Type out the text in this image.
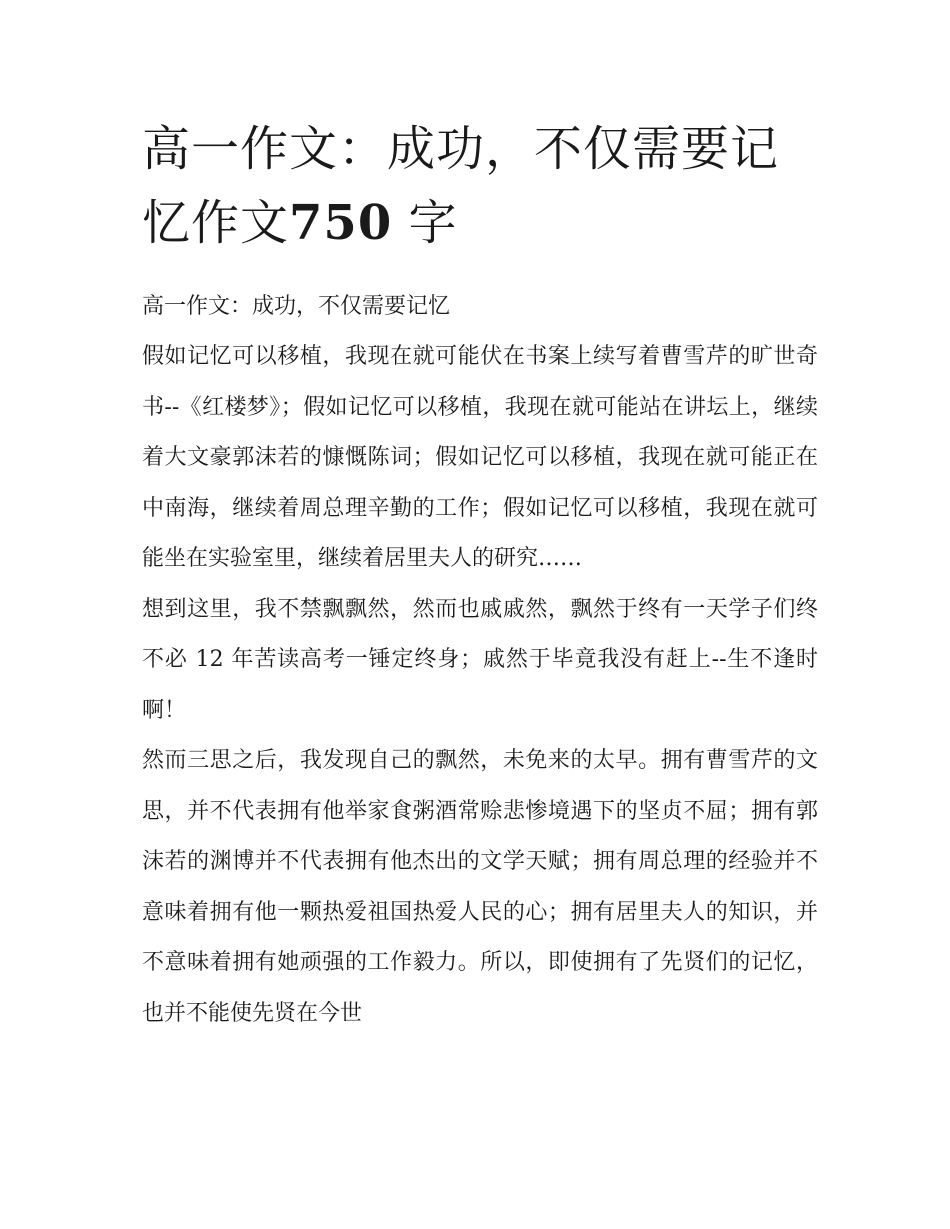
高一作文：成功，不仅需要记忆作文750 字

高一作文：成功，不仅需要记忆

假如记忆可以移植，我现在就可能伏在书案上续写着曹雪芹的旷世奇书--《红楼梦》；假如记忆可以移植，我现在就可能站在讲坛上，继续着大文豪郭沫若的慷慨陈词；假如记忆可以移植，我现在就可能正在中南海，继续着周总理辛勤的工作；假如记忆可以移植，我现在就可能坐在实验室里，继续着居里夫人的研究……

想到这里，我不禁飘飘然，然而也戚戚然，飘然于终有一天学子们终不必 12 年苦读高考一锤定终身；戚然于毕竟我没有赶上--生不逢时啊！

然而三思之后，我发现自己的飘然，未免来的太早。拥有曹雪芹的文思，并不代表拥有他举家食粥酒常赊悲惨境遇下的坚贞不屈；拥有郭沫若的渊博并不代表拥有他杰出的文学天赋；拥有周总理的经验并不意味着拥有他一颗热爱祖国热爱人民的心；拥有居里夫人的知识，并不意味着拥有她顽强的工作毅力。所以，即使拥有了先贤们的记忆，也并不能使先贤在今世
